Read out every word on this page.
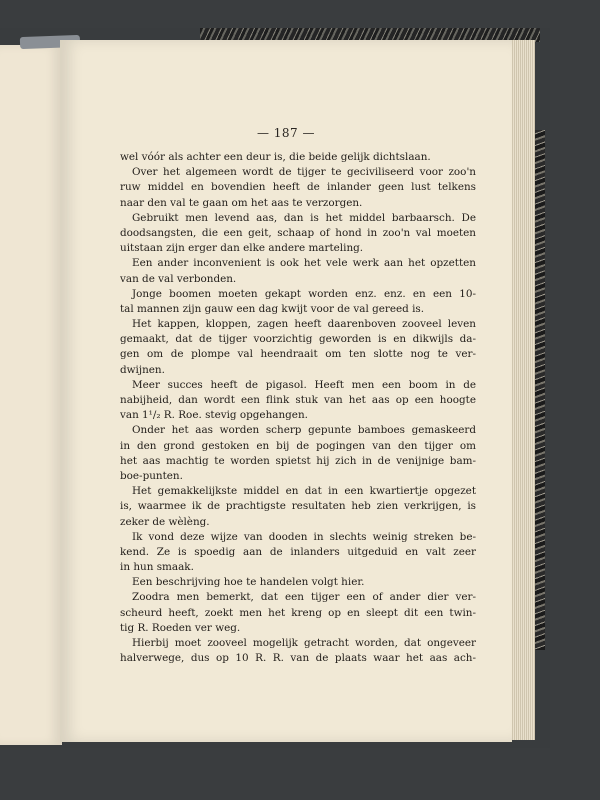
— 187 —
wel vóór als achter een deur is, die beide gelijk dichtslaan.
Over het algemeen wordt de tijger te geciviliseerd voor zoo'n
ruw middel en bovendien heeft de inlander geen lust telkens
naar den val te gaan om het aas te verzorgen.
Gebruikt men levend aas, dan is het middel barbaarsch. De
doodsangsten, die een geit, schaap of hond in zoo'n val moeten
uitstaan zijn erger dan elke andere marteling.
Een ander inconvenient is ook het vele werk aan het opzetten
van de val verbonden.
Jonge boomen moeten gekapt worden enz. enz. en een 10-
tal mannen zijn gauw een dag kwijt voor de val gereed is.
Het kappen, kloppen, zagen heeft daarenboven zooveel leven
gemaakt, dat de tijger voorzichtig geworden is en dikwijls da-
gen om de plompe val heendraait om ten slotte nog te ver-
dwijnen.
Meer succes heeft de pigasol. Heeft men een boom in de
nabijheid, dan wordt een flink stuk van het aas op een hoogte
van 1¹/₂ R. Roe. stevig opgehangen.
Onder het aas worden scherp gepunte bamboes gemaskeerd
in den grond gestoken en bij de pogingen van den tijger om
het aas machtig te worden spietst hij zich in de venijnige bam-
boe-punten.
Het gemakkelijkste middel en dat in een kwartiertje opgezet
is, waarmee ik de prachtigste resultaten heb zien verkrijgen, is
zeker de wèlèng.
Ik vond deze wijze van dooden in slechts weinig streken be-
kend. Ze is spoedig aan de inlanders uitgeduid en valt zeer
in hun smaak.
Een beschrijving hoe te handelen volgt hier.
Zoodra men bemerkt, dat een tijger een of ander dier ver-
scheurd heeft, zoekt men het kreng op en sleept dit een twin-
tig R. Roeden ver weg.
Hierbij moet zooveel mogelijk getracht worden, dat ongeveer
halverwege, dus op 10 R. R. van de plaats waar het aas ach-
